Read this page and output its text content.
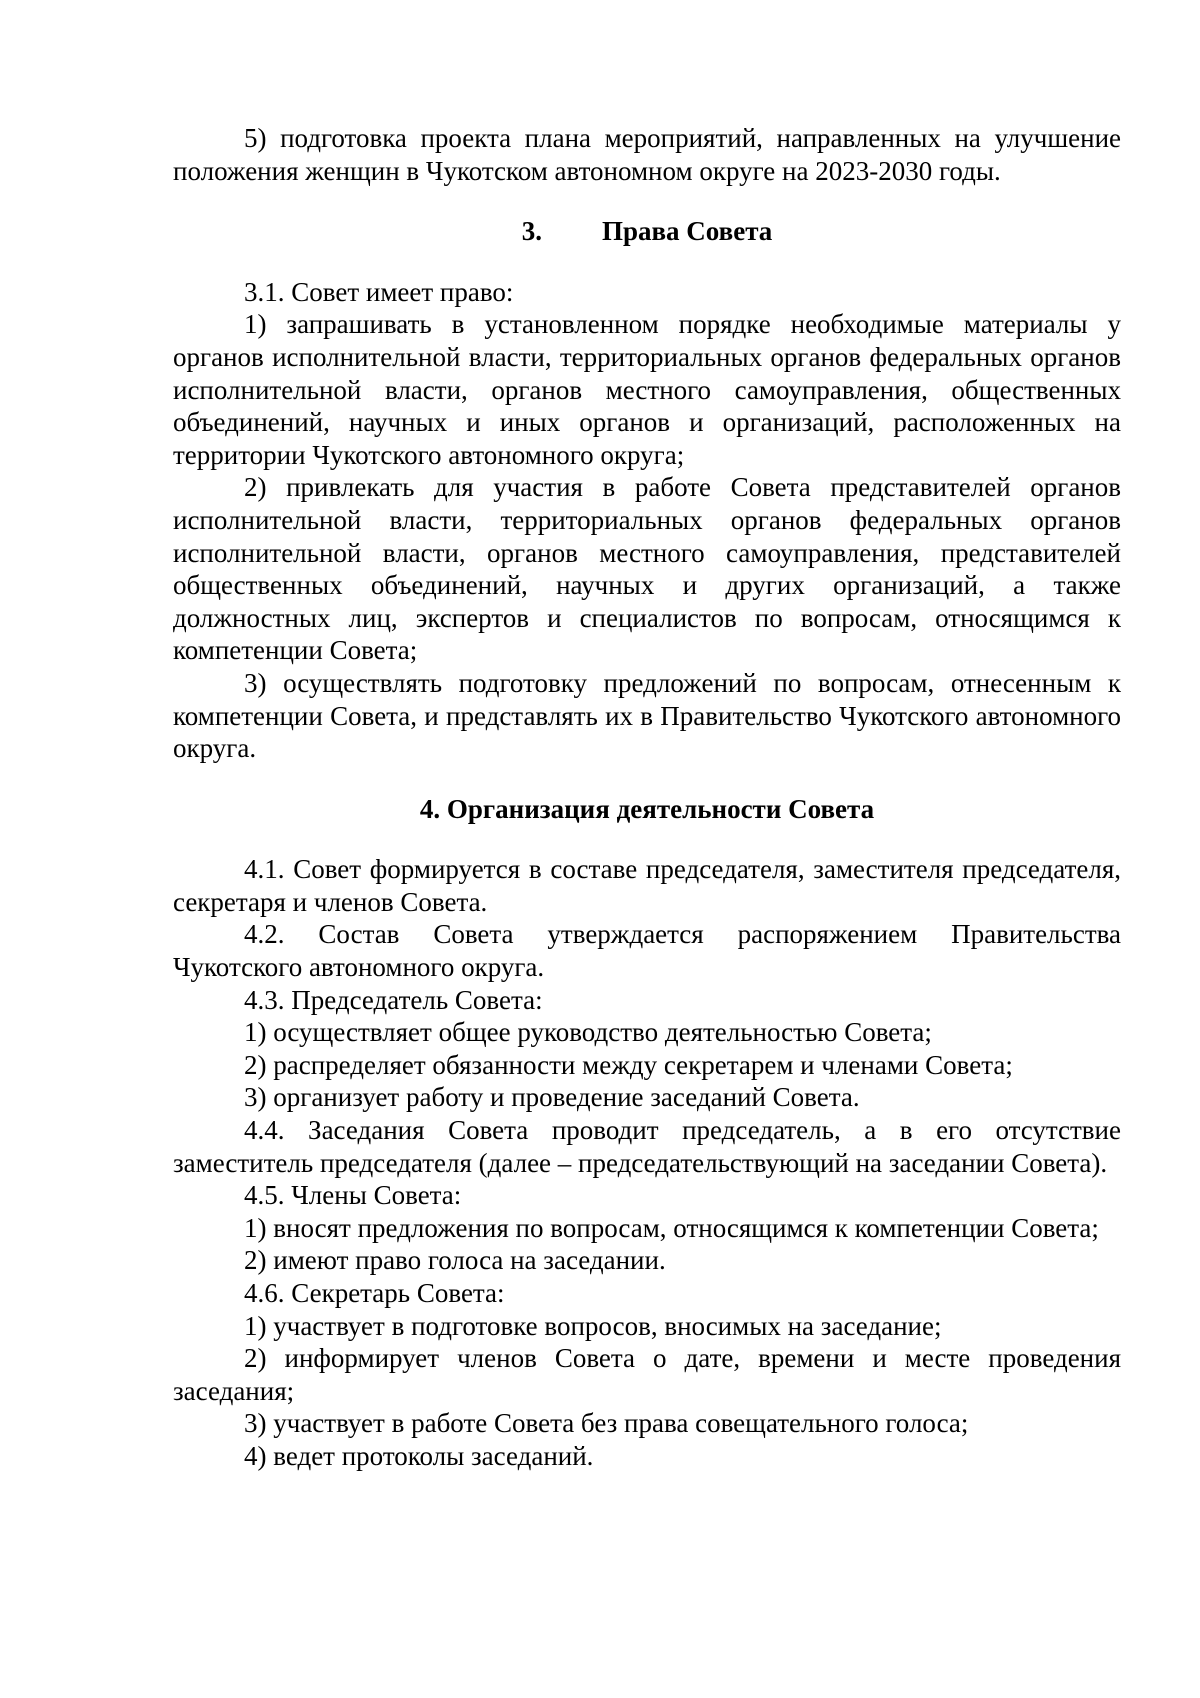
5) подготовка проекта плана мероприятий, направленных на улучшение положения женщин в Чукотском автономном округе на 2023-2030 годы.

3. Права Совета

3.1. Совет имеет право:

1) запрашивать в установленном порядке необходимые материалы у органов исполнительной власти, территориальных органов федеральных органов исполнительной власти, органов местного самоуправления, общественных объединений, научных и иных органов и организаций, расположенных на территории Чукотского автономного округа;

2) привлекать для участия в работе Совета представителей органов исполнительной власти, территориальных органов федеральных органов исполнительной власти, органов местного самоуправления, представителей общественных объединений, научных и других организаций, а также должностных лиц, экспертов и специалистов по вопросам, относящимся к компетенции Совета;

3) осуществлять подготовку предложений по вопросам, отнесенным к компетенции Совета, и представлять их в Правительство Чукотского автономного округа.

4. Организация деятельности Совета

4.1. Совет формируется в составе председателя, заместителя председателя, секретаря и членов Совета.

4.2. Состав Совета утверждается распоряжением Правительства Чукотского автономного округа.

4.3. Председатель Совета:

1) осуществляет общее руководство деятельностью Совета;

2) распределяет обязанности между секретарем и членами Совета;

3) организует работу и проведение заседаний Совета.

4.4. Заседания Совета проводит председатель, а в его отсутствие заместитель председателя (далее – председательствующий на заседании Совета).

4.5. Члены Совета:

1) вносят предложения по вопросам, относящимся к компетенции Совета;

2) имеют право голоса на заседании.

4.6. Секретарь Совета:

1) участвует в подготовке вопросов, вносимых на заседание;

2) информирует членов Совета о дате, времени и месте проведения заседания;

3) участвует в работе Совета без права совещательного голоса;

4) ведет протоколы заседаний.
